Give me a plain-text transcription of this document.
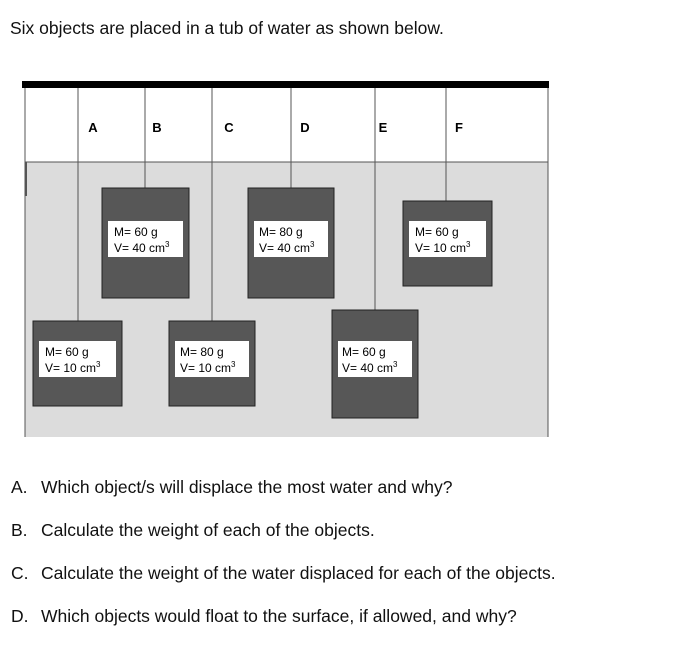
Six objects are placed in a tub of water as shown below.
A	B	C	D	E	F
M= 60 g
V= 10 $cm^3$
M= 60 g
V= 40 $cm^3$
M= 80 g
V= 10 $cm^3$
M= 80 g
V= 40 $cm^3$
M= 60 g
V= 40 $cm^3$
M= 60 g
V= 10 $cm^3$

A. Which object/s will displace the most water and why?

B. Calculate the weight of each of the objects.

C. Calculate the weight of the water displaced for each of the objects.

D. Which objects would float to the surface, if allowed, and why?
